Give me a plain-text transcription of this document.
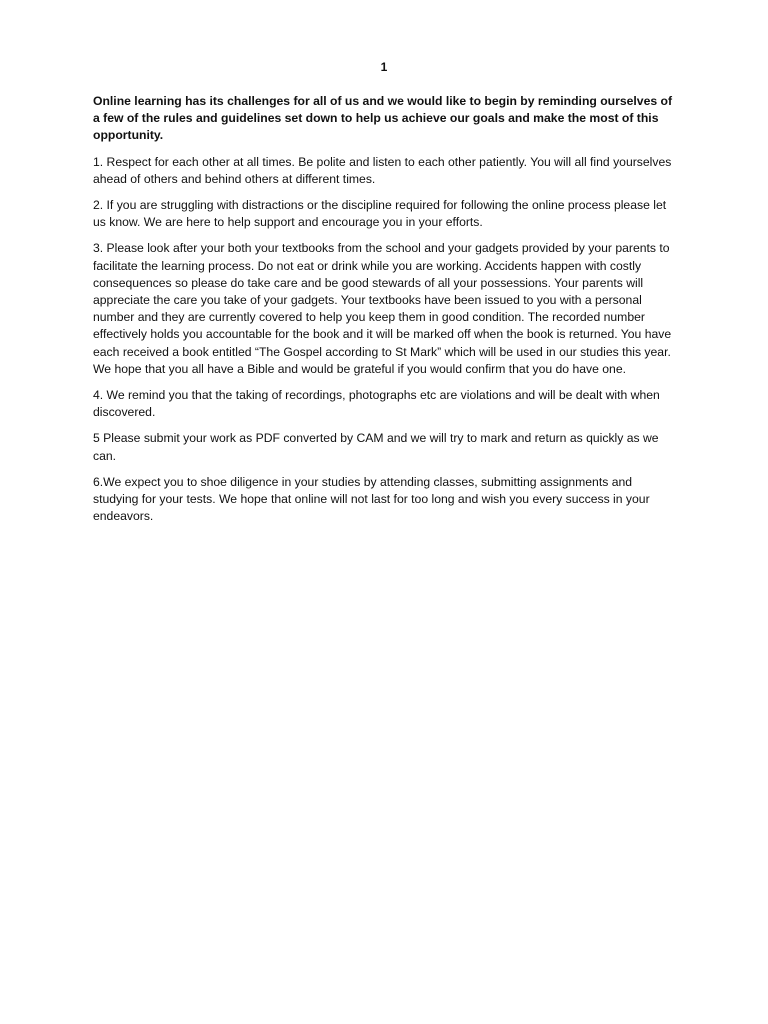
1

Online learning has its challenges for all of us and we would like to begin by reminding ourselves of a few of the rules and guidelines set down to help us achieve our goals and make the most of this opportunity.

1. Respect for each other at all times. Be polite and listen to each other patiently. You will all find yourselves ahead of others and behind others at different times.

2. If you are struggling with distractions or the discipline required for following the online process please let us know. We are here to help support and encourage you in your efforts.

3. Please look after your both your textbooks from the school and your gadgets provided by your parents to facilitate the learning process. Do not eat or drink while you are working. Accidents happen with costly consequences so please do take care and be good stewards of all your possessions. Your parents will appreciate the care you take of your gadgets. Your textbooks have been issued to you with a personal number and they are currently covered to help you keep them in good condition. The recorded number effectively holds you accountable for the book and it will be marked off when the book is returned. You have each received a book entitled “The Gospel according to St Mark” which will be used in our studies this year. We hope that you all have a Bible and would be grateful if you would confirm that you do have one.

4. We remind you that the taking of recordings, photographs etc are violations and will be dealt with when discovered.

5 Please submit your work as PDF converted by CAM and we will try to mark and return as quickly as we can.

6.We expect you to shoe diligence in your studies by attending classes, submitting assignments and studying for your tests. We hope that online will not last for too long and wish you every success in your endeavors.
